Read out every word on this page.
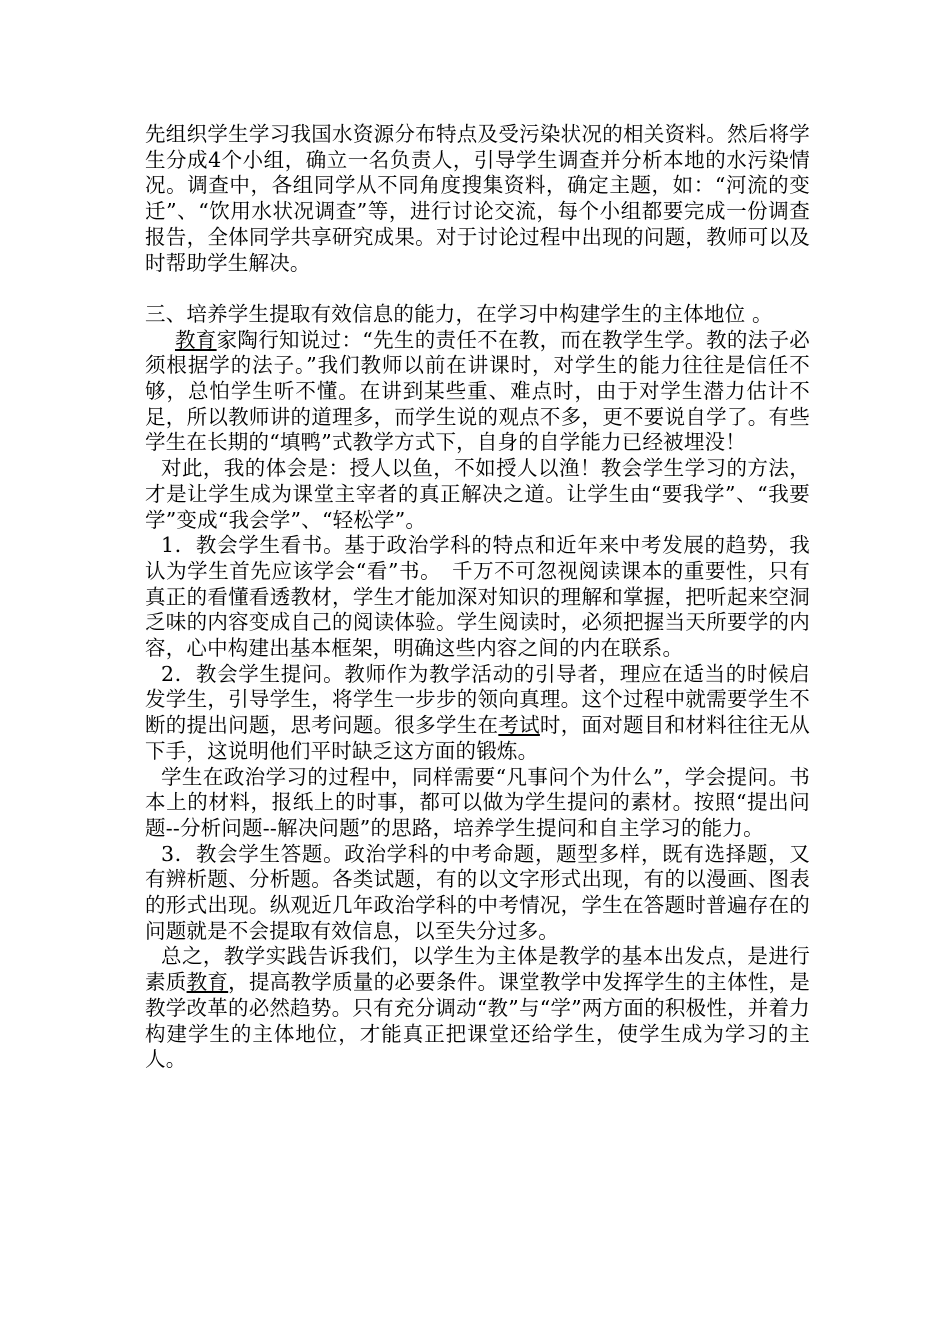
先组织学生学习我国水资源分布特点及受污染状况的相关资料。然后将学生分成4个小组，确立一名负责人，引导学生调查并分析本地的水污染情况。调查中，各组同学从不同角度搜集资料，确定主题，如：“河流的变迁”、“饮用水状况调查”等，进行讨论交流，每个小组都要完成一份调查报告，全体同学共享研究成果。对于讨论过程中出现的问题，教师可以及时帮助学生解决。

三、培养学生提取有效信息的能力，在学习中构建学生的主体地位 。

教育家陶行知说过：“先生的责任不在教，而在教学生学。教的法子必须根据学的法子。”我们教师以前在讲课时，对学生的能力往往是信任不够，总怕学生听不懂。在讲到某些重、难点时，由于对学生潜力估计不足，所以教师讲的道理多，而学生说的观点不多，更不要说自学了。有些学生在长期的“填鸭”式教学方式下，自身的自学能力已经被埋没！

对此，我的体会是：授人以鱼，不如授人以渔！教会学生学习的方法，才是让学生成为课堂主宰者的真正解决之道。让学生由“要我学”、“我要学”变成“我会学”、“轻松学”。

1．教会学生看书。基于政治学科的特点和近年来中考发展的趋势，我认为学生首先应该学会“看”书。　千万不可忽视阅读课本的重要性，只有真正的看懂看透教材，学生才能加深对知识的理解和掌握，把听起来空洞乏味的内容变成自己的阅读体验。学生阅读时，必须把握当天所要学的内容，心中构建出基本框架，明确这些内容之间的内在联系。

2．教会学生提问。教师作为教学活动的引导者，理应在适当的时候启发学生，引导学生，将学生一步步的领向真理。这个过程中就需要学生不断的提出问题，思考问题。很多学生在考试时，面对题目和材料往往无从下手，这说明他们平时缺乏这方面的锻炼。

学生在政治学习的过程中，同样需要“凡事问个为什么”，学会提问。书本上的材料，报纸上的时事，都可以做为学生提问的素材。按照“提出问题--分析问题--解决问题”的思路，培养学生提问和自主学习的能力。

3．教会学生答题。政治学科的中考命题，题型多样，既有选择题，又有辨析题、分析题。各类试题，有的以文字形式出现，有的以漫画、图表的形式出现。纵观近几年政治学科的中考情况，学生在答题时普遍存在的问题就是不会提取有效信息，以至失分过多。

总之，教学实践告诉我们，以学生为主体是教学的基本出发点，是进行素质教育，提高教学质量的必要条件。课堂教学中发挥学生的主体性，是教学改革的必然趋势。只有充分调动“教”与“学”两方面的积极性，并着力构建学生的主体地位，才能真正把课堂还给学生，使学生成为学习的主人。
